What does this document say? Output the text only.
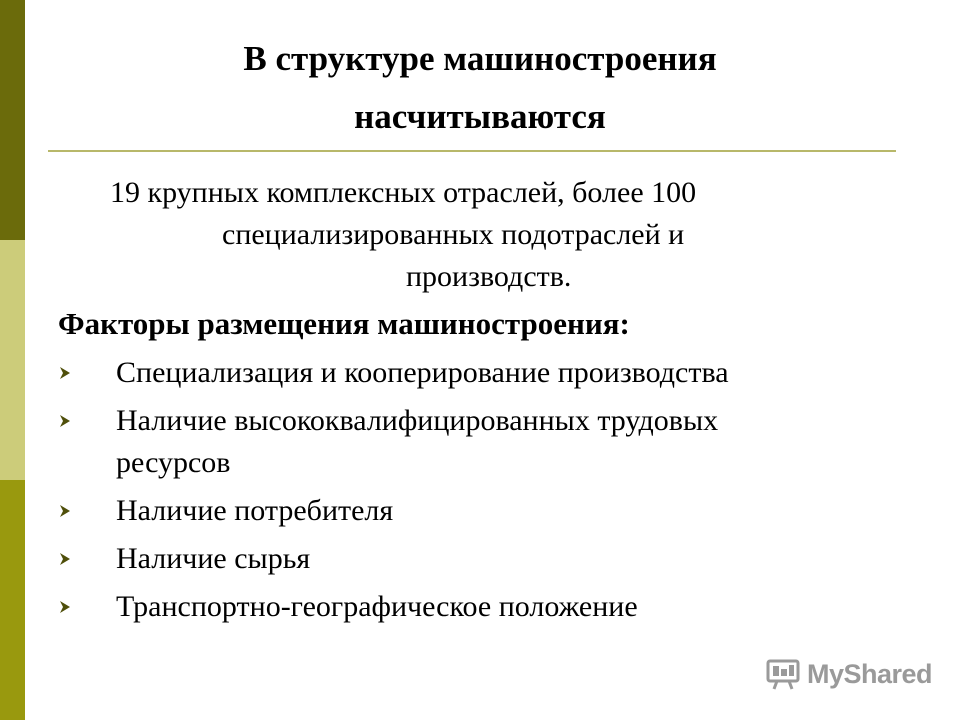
В структуре машиностроения
насчитываются
19 крупных комплексных отраслей, более 100
специализированных подотраслей и
производств.
Факторы размещения машиностроения:
Специализация и кооперирование производства
Наличие высококвалифицированных трудовых
ресурсов
Наличие потребителя
Наличие сырья
Транспортно-географическое положение
MyShared
